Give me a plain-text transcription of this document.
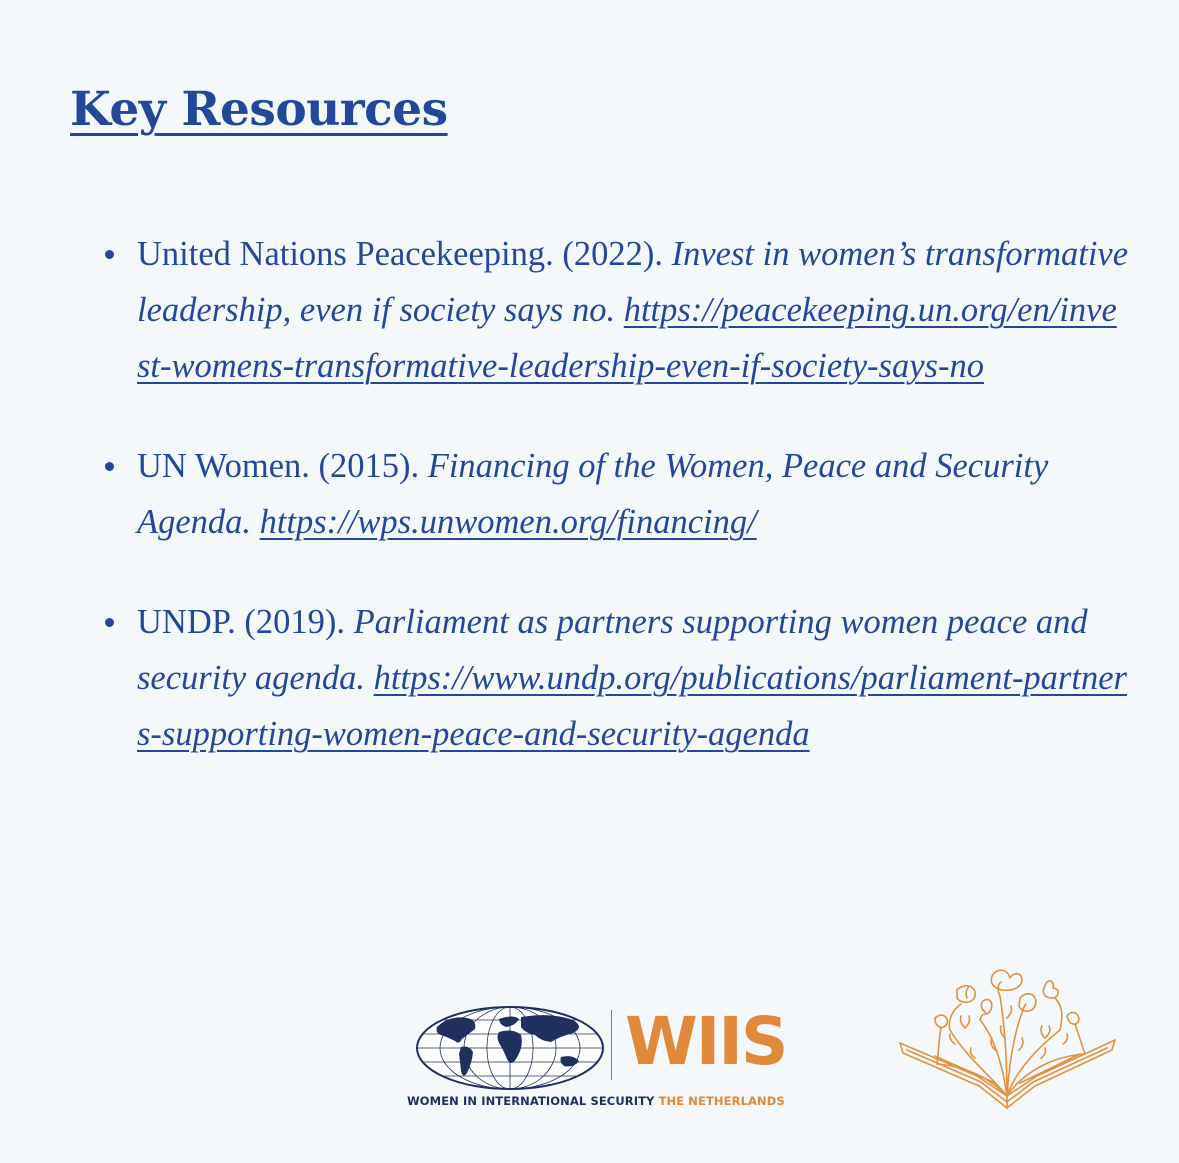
Key Resources
United Nations Peacekeeping. (2022). Invest in women’s transformative leadership, even if society says no. https://peacekeeping.un.org/en/invest-womens-transformative-leadership-even-if-society-says-no
UN Women. (2015). Financing of the Women, Peace and Security Agenda. https://wps.unwomen.org/financing/
UNDP. (2019). Parliament as partners supporting women peace and security agenda. https://www.undp.org/publications/parliament-partners-supporting-women-peace-and-security-agenda
WIIS
WOMEN IN INTERNATIONAL SECURITY THE NETHERLANDS
